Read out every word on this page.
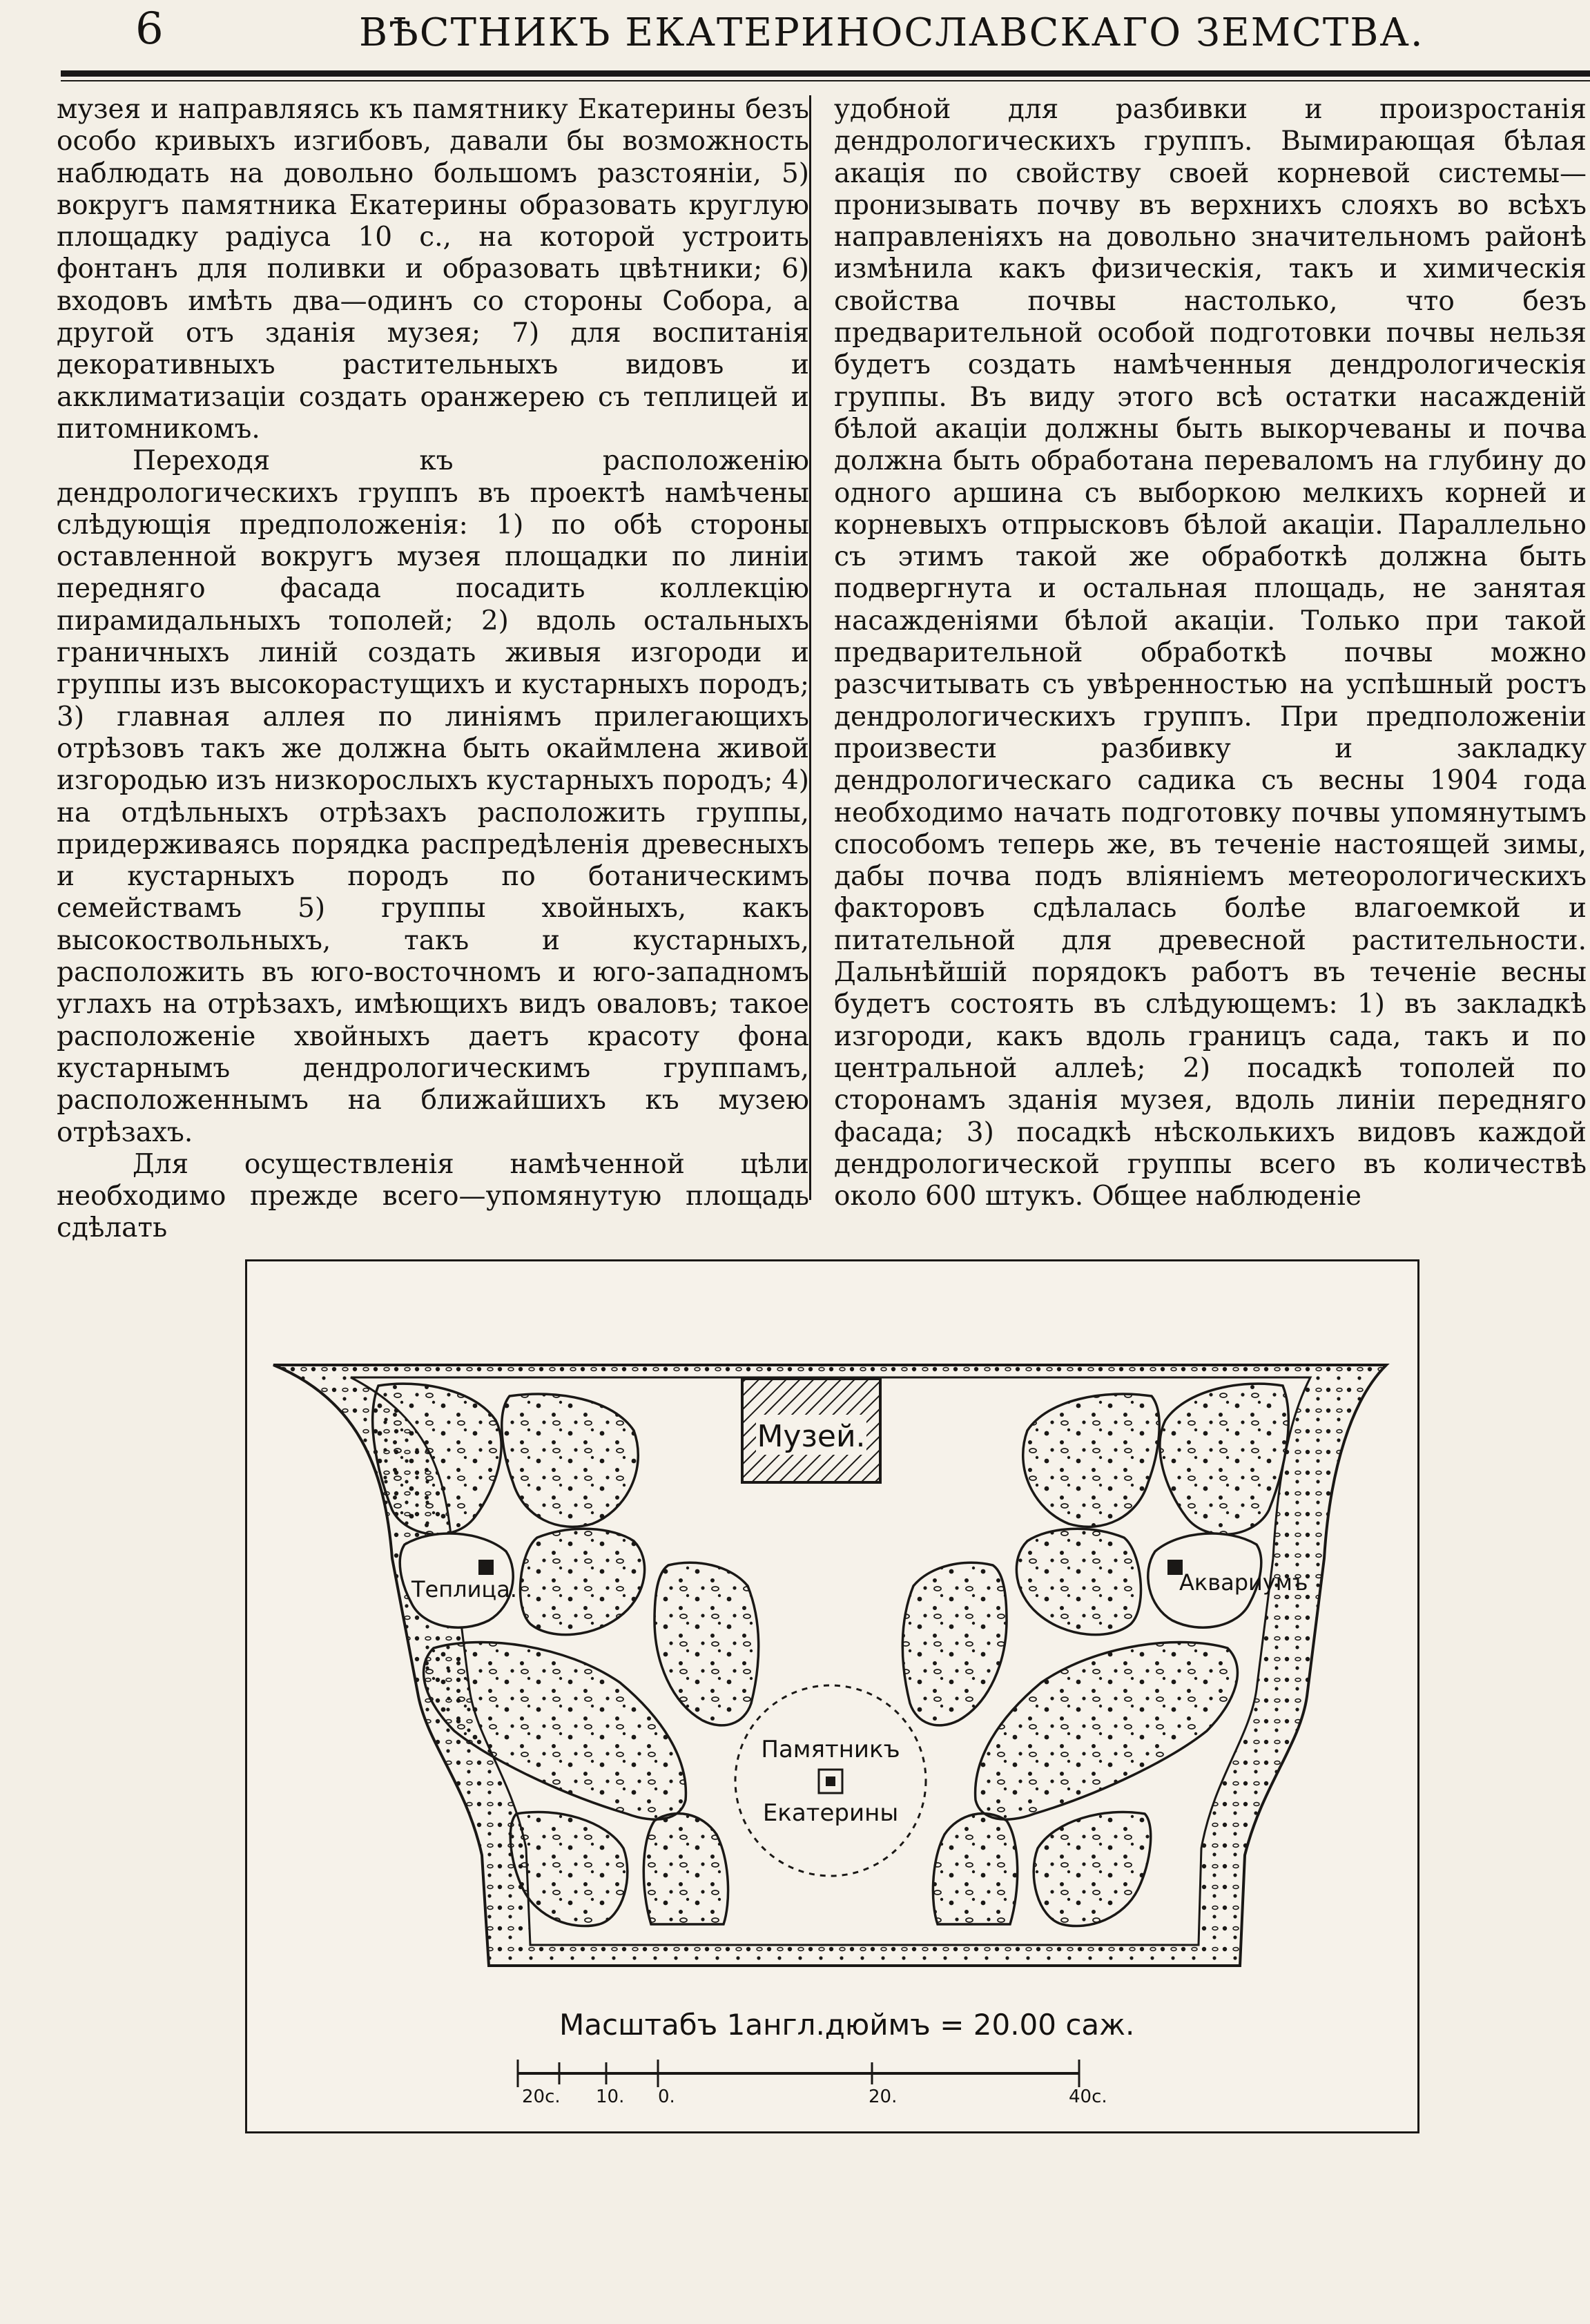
6	ВѢСТНИКЪ ЕКАТЕРИНОСЛАВСКАГО ЗЕМСТВА.

музея и направляясь къ памятнику Екатерины безъ особо кривыхъ изгибовъ, давали бы возможность наблюдать на довольно большомъ разстояніи, 5) вокругъ памятника Екатерины образовать круглую площадку радіуса 10 с., на которой устроить фонтанъ для поливки и образовать цвѣтники; 6) входовъ имѣть два—одинъ со стороны Собора, а другой отъ зданія музея; 7) для воспитанія декоративныхъ растительныхъ видовъ и акклиматизаціи создать оранжерею съ теплицей и питомникомъ.

Переходя къ расположенію дендрологическихъ группъ въ проектѣ намѣчены слѣдующія предположенія: 1) по обѣ стороны оставленной вокругъ музея площадки по линіи передняго фасада посадить коллекцію пирамидальныхъ тополей; 2) вдоль остальныхъ граничныхъ линій создать живыя изгороди и группы изъ высокорастущихъ и кустарныхъ породъ; 3) главная аллея по линіямъ прилегающихъ отрѣзовъ такъ же должна быть окаймлена живой изгородью изъ низкорослыхъ кустарныхъ породъ; 4) на отдѣльныхъ отрѣзахъ расположить группы, придерживаясь порядка распредѣленія древесныхъ и кустарныхъ породъ по ботаническимъ семействамъ 5) группы хвойныхъ, какъ высокоствольныхъ, такъ и кустарныхъ, расположить въ юго-восточномъ и юго-западномъ углахъ на отрѣзахъ, имѣющихъ видъ оваловъ; такое расположеніе хвойныхъ даетъ красоту фона кустарнымъ дендрологическимъ группамъ, расположеннымъ на ближайшихъ къ музею отрѣзахъ.

Для осуществленія намѣченной цѣли необходимо прежде всего—упомянутую площадь сдѣлать

удобной для разбивки и произростанія дендрологическихъ группъ. Вымирающая бѣлая акація по свойству своей корневой системы—пронизывать почву въ верхнихъ слояхъ во всѣхъ направленіяхъ на довольно значительномъ районѣ измѣнила какъ физическія, такъ и химическія свойства почвы настолько, что безъ предварительной особой подготовки почвы нельзя будетъ создать намѣченныя дендрологическія группы. Въ виду этого всѣ остатки насажденій бѣлой акаціи должны быть выкорчеваны и почва должна быть обработана переваломъ на глубину до одного аршина съ выборкою мелкихъ корней и корневыхъ отпрысковъ бѣлой акаціи. Параллельно съ этимъ такой же обработкѣ должна быть подвергнута и остальная площадь, не занятая насажденіями бѣлой акаціи. Только при такой предварительной обработкѣ почвы можно разсчитывать съ увѣренностью на успѣшный ростъ дендрологическихъ группъ. При предположеніи произвести разбивку и закладку дендрологическаго садика съ весны 1904 года необходимо начать подготовку почвы упомянутымъ способомъ теперь же, въ теченіе настоящей зимы, дабы почва подъ вліяніемъ метеорологическихъ факторовъ сдѣлалась болѣе влагоемкой и питательной для древесной растительности. Дальнѣйшій порядокъ работъ въ теченіе весны будетъ состоять въ слѣдующемъ: 1) въ закладкѣ изгороди, какъ вдоль границъ сада, такъ и по центральной аллеѣ; 2) посадкѣ тополей по сторонамъ зданія музея, вдоль линіи передняго фасада; 3) посадкѣ нѣсколькихъ видовъ каждой дендрологической группы всего въ количествѣ около 600 штукъ. Общее наблюденіе

Музей.
Теплица.	Аквариумъ
Памятникъ
Екатерины
Масштабъ 1англ.дюймъ = 20.00 саж.
20с. 10. 0.	20.	40с.
